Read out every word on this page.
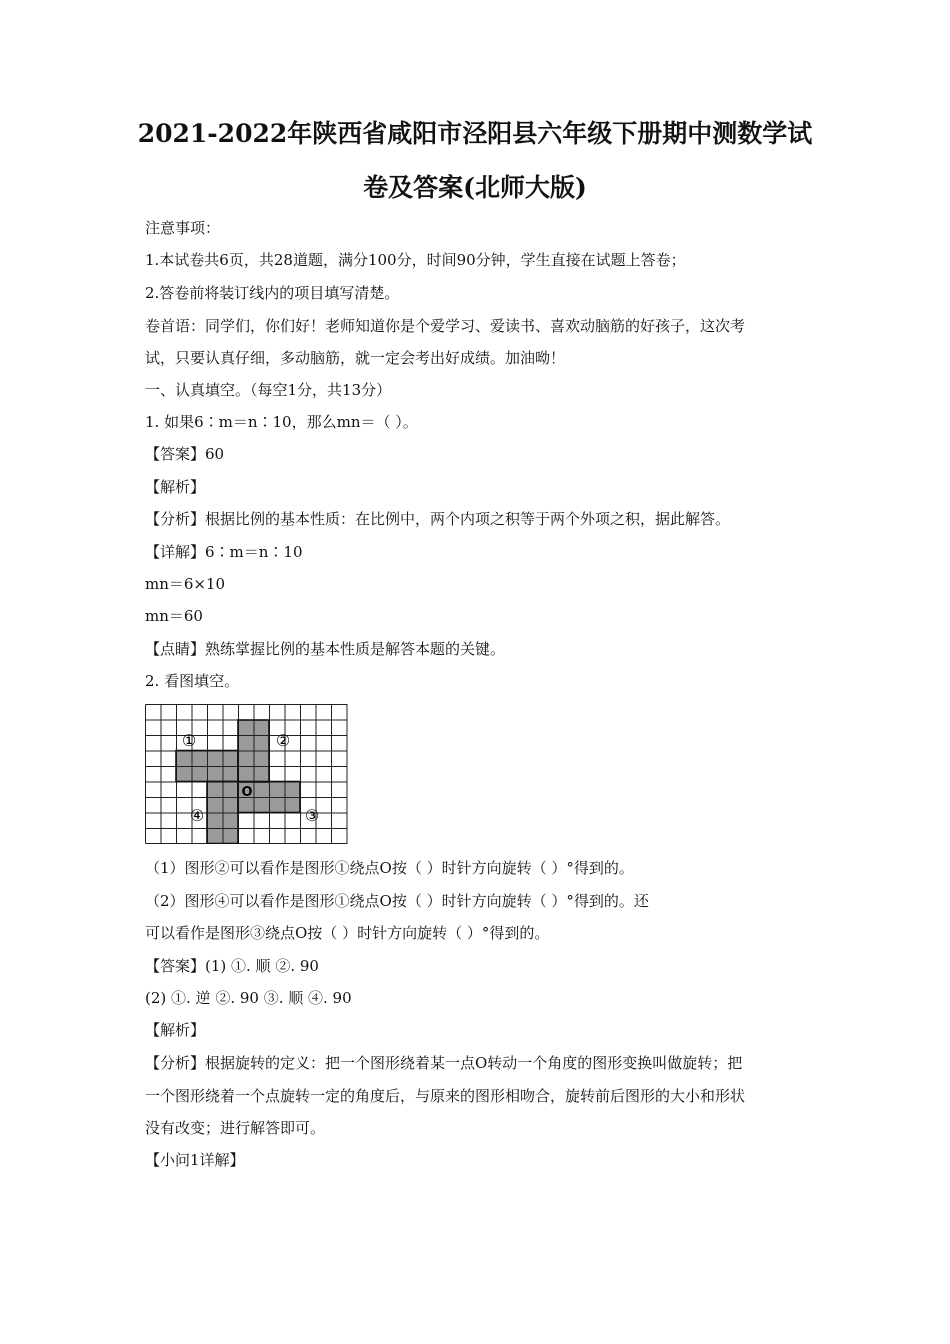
2021-2022年陕西省咸阳市泾阳县六年级下册期中测数学试
卷及答案(北师大版)
注意事项：
1.本试卷共6页，共28道题，满分100分，时间90分钟，学生直接在试题上答卷；
2.答卷前将装订线内的项目填写清楚。
卷首语：同学们，你们好！老师知道你是个爱学习、爱读书、喜欢动脑筋的好孩子，这次考
试，只要认真仔细，多动脑筋，就一定会考出好成绩。加油呦！
一、认真填空。（每空1分，共13分）
1. 如果6∶m＝n∶10，那么mn＝（ ）。
【答案】60
【解析】
【分析】根据比例的基本性质：在比例中，两个内项之积等于两个外项之积，据此解答。
【详解】6∶m＝n∶10
mn＝6×10
mn＝60
【点睛】熟练掌握比例的基本性质是解答本题的关键。
2. 看图填空。
①	②
③
④
O
（1）图形②可以看作是图形①绕点O按（ ）时针方向旋转（ ）°得到的。
（2）图形④可以看作是图形①绕点O按（ ）时针方向旋转（ ）°得到的。还
可以看作是图形③绕点O按（ ）时针方向旋转（ ）°得到的。
【答案】(1) ①. 顺 ②. 90
(2) ①. 逆 ②. 90 ③. 顺 ④. 90
【解析】
【分析】根据旋转的定义：把一个图形绕着某一点O转动一个角度的图形变换叫做旋转；把
一个图形绕着一个点旋转一定的角度后，与原来的图形相吻合，旋转前后图形的大小和形状
没有改变；进行解答即可。
【小问1详解】
